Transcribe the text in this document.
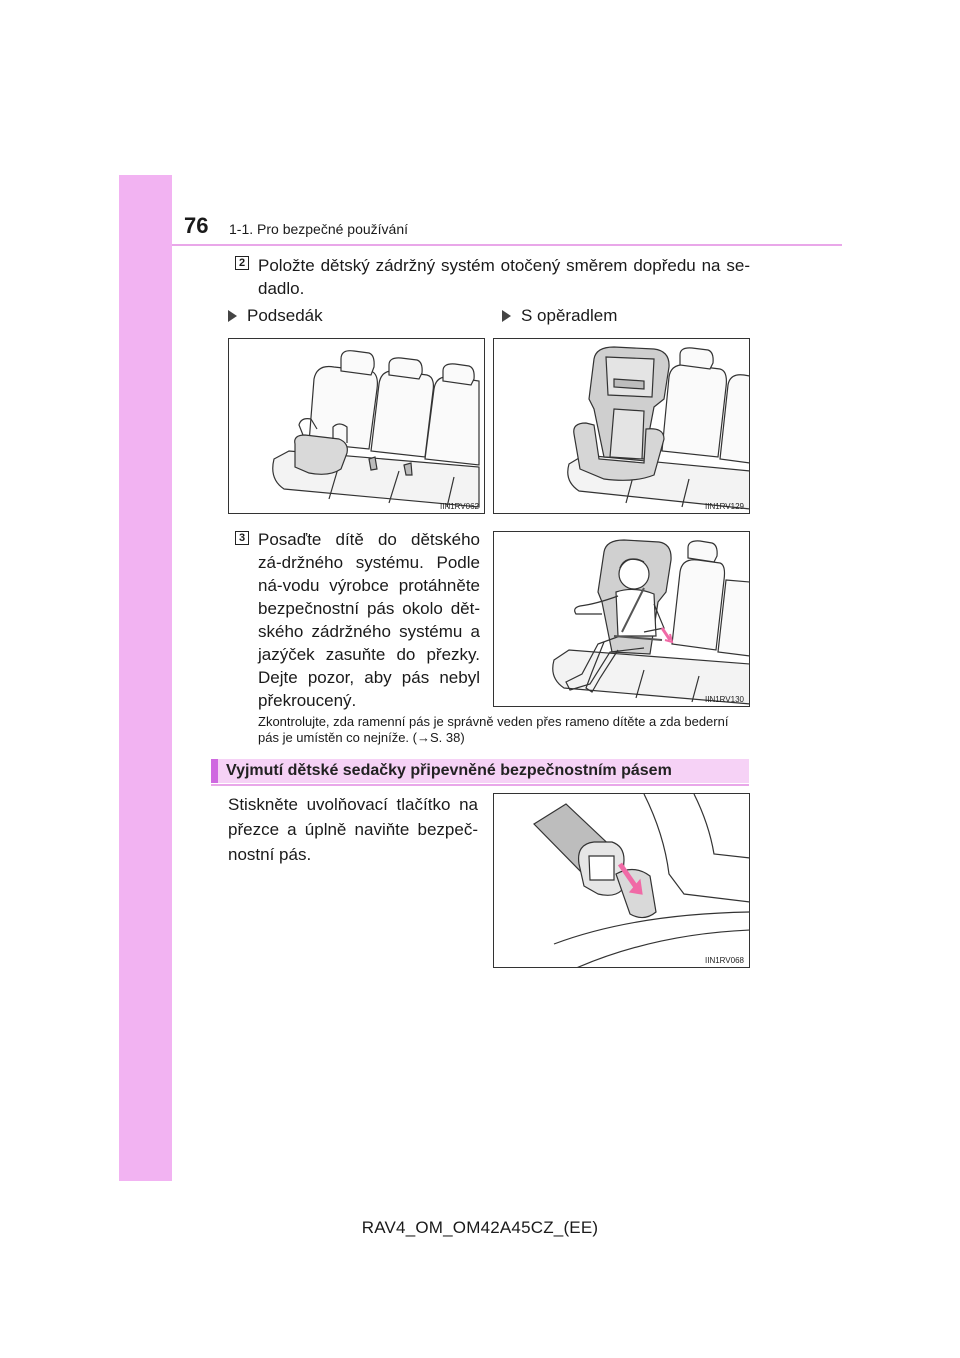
76 1-1. Pro bezpečné používání
2 Položte dětský zádržný systém otočený směrem dopředu na se-dadlo.
Podsedák	S opěradlem
IIN1RV062	IIN1RV129
3 Posaďte dítě do dětského zá-držného systému. Podle ná-vodu výrobce protáhněte bezpečnostní pás okolo dět-ského zádržného systému a jazýček zasuňte do přezky. Dejte pozor, aby pás nebyl překroucený.	IIN1RV130
Zkontrolujte, zda ramenní pás je správně veden přes rameno dítěte a zda bederní pás je umístěn co nejníže. (→S. 38)
Vyjmutí dětské sedačky připevněné bezpečnostním pásem
Stiskněte uvolňovací tlačítko na přezce a úplně naviňte bezpeč-nostní pás.
IIN1RV068
RAV4_OM_OM42A45CZ_(EE)
